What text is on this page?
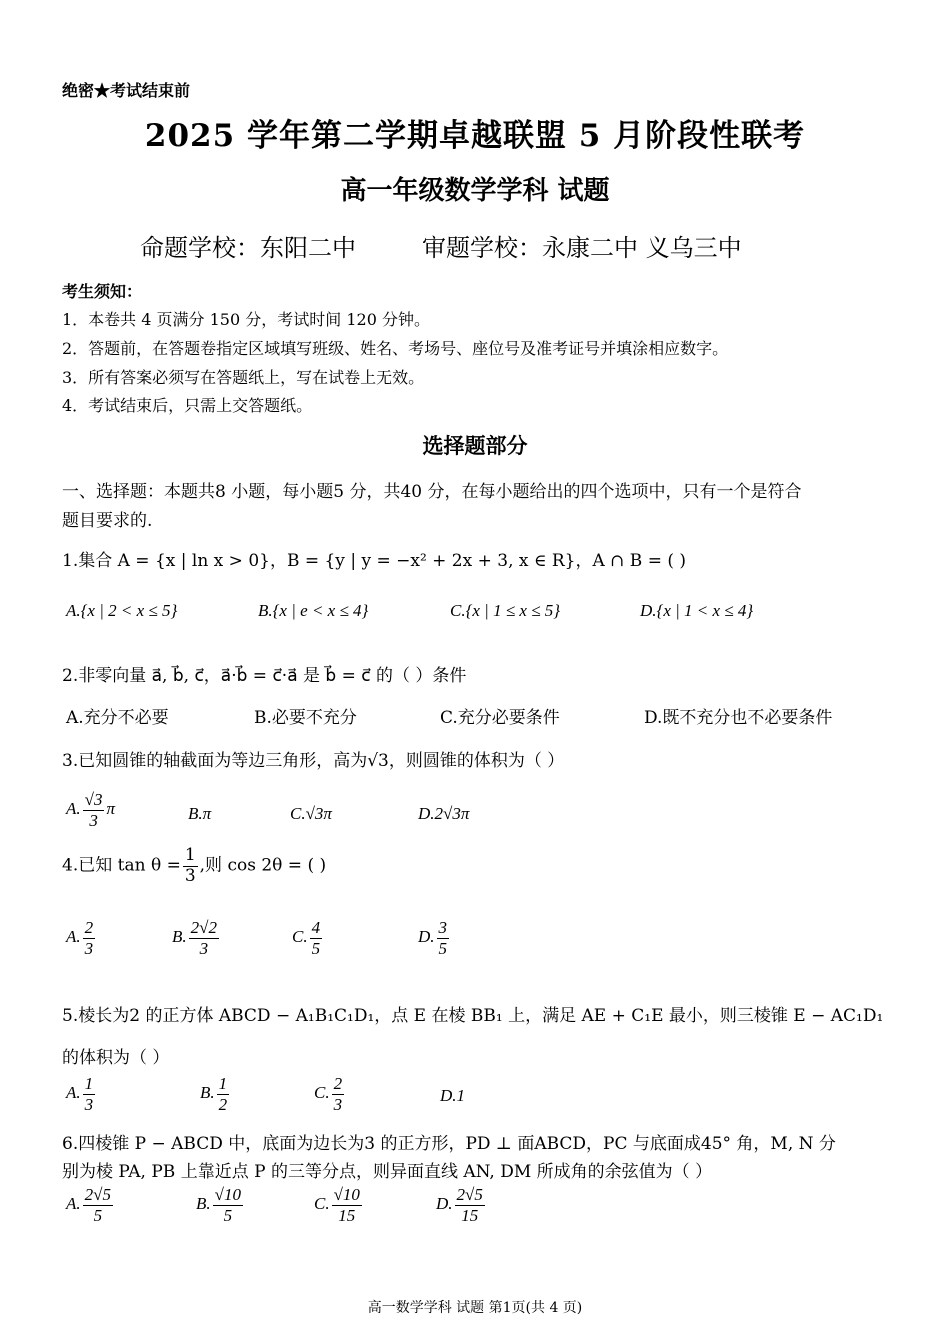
绝密★考试结束前
2025 学年第二学期卓越联盟 5 月阶段性联考
高一年级数学学科 试题
命题学校：东阳二中	审题学校：永康二中 义乌三中
考生须知：
1．本卷共 4 页满分 150 分，考试时间 120 分钟。
2．答题前，在答题卷指定区域填写班级、姓名、考场号、座位号及准考证号并填涂相应数字。
3．所有答案必须写在答题纸上，写在试卷上无效。
4．考试结束后，只需上交答题纸。
选择题部分
一、选择题：本题共8 小题，每小题5 分，共40 分，在每小题给出的四个选项中，只有一个是符合
题目要求的.
1.集合 A = {x | ln x > 0}，B = {y | y = −x² + 2x + 3, x ∈ R}，A ∩ B = ( )
A.{x | 2 < x ≤ 5}	B.{x | e < x ≤ 4}	C.{x | 1 ≤ x ≤ 5}	D.{x | 1 < x ≤ 4}
2.非零向量 a⃗, b⃗, c⃗，a⃗·b⃗ = c⃗·a⃗ 是 b⃗ = c⃗ 的（ ）条件
A.充分不必要	B.必要不充分	C.充分必要条件	D.既不充分也不必要条件
3.已知圆锥的轴截面为等边三角形，高为√3，则圆锥的体积为（ ）
A. $\frac{√3}{3}$ π	B.π	C.√3π	D.2√3π
4.已知 $\tan \theta = \frac{1}{3}$ ,则 cos 2θ = ( )
A. $\frac{2}{3}$	B. $\frac{2√2}{3}$	C. $\frac{4}{5}$	D. $\frac{3}{5}$
5.棱长为2 的正方体 ABCD − A₁B₁C₁D₁，点 E 在棱 BB₁ 上，满足 AE + C₁E 最小，则三棱锥 E − AC₁D₁
的体积为（ ）
A. $\frac{1}{3}$	B. $\frac{1}{2}$	C. $\frac{2}{3}$	D.1
6.四棱锥 P − ABCD 中，底面为边长为3 的正方形，PD ⊥ 面ABCD，PC 与底面成45° 角，M, N 分
别为棱 PA, PB 上靠近点 P 的三等分点，则异面直线 AN, DM 所成角的余弦值为（ ）
A. $\frac{2√5}{5}$	B. $\frac{√10}{5}$	C. $\frac{√10}{15}$	D. $\frac{2√5}{15}$
高一数学学科 试题 第1页(共 4 页)
